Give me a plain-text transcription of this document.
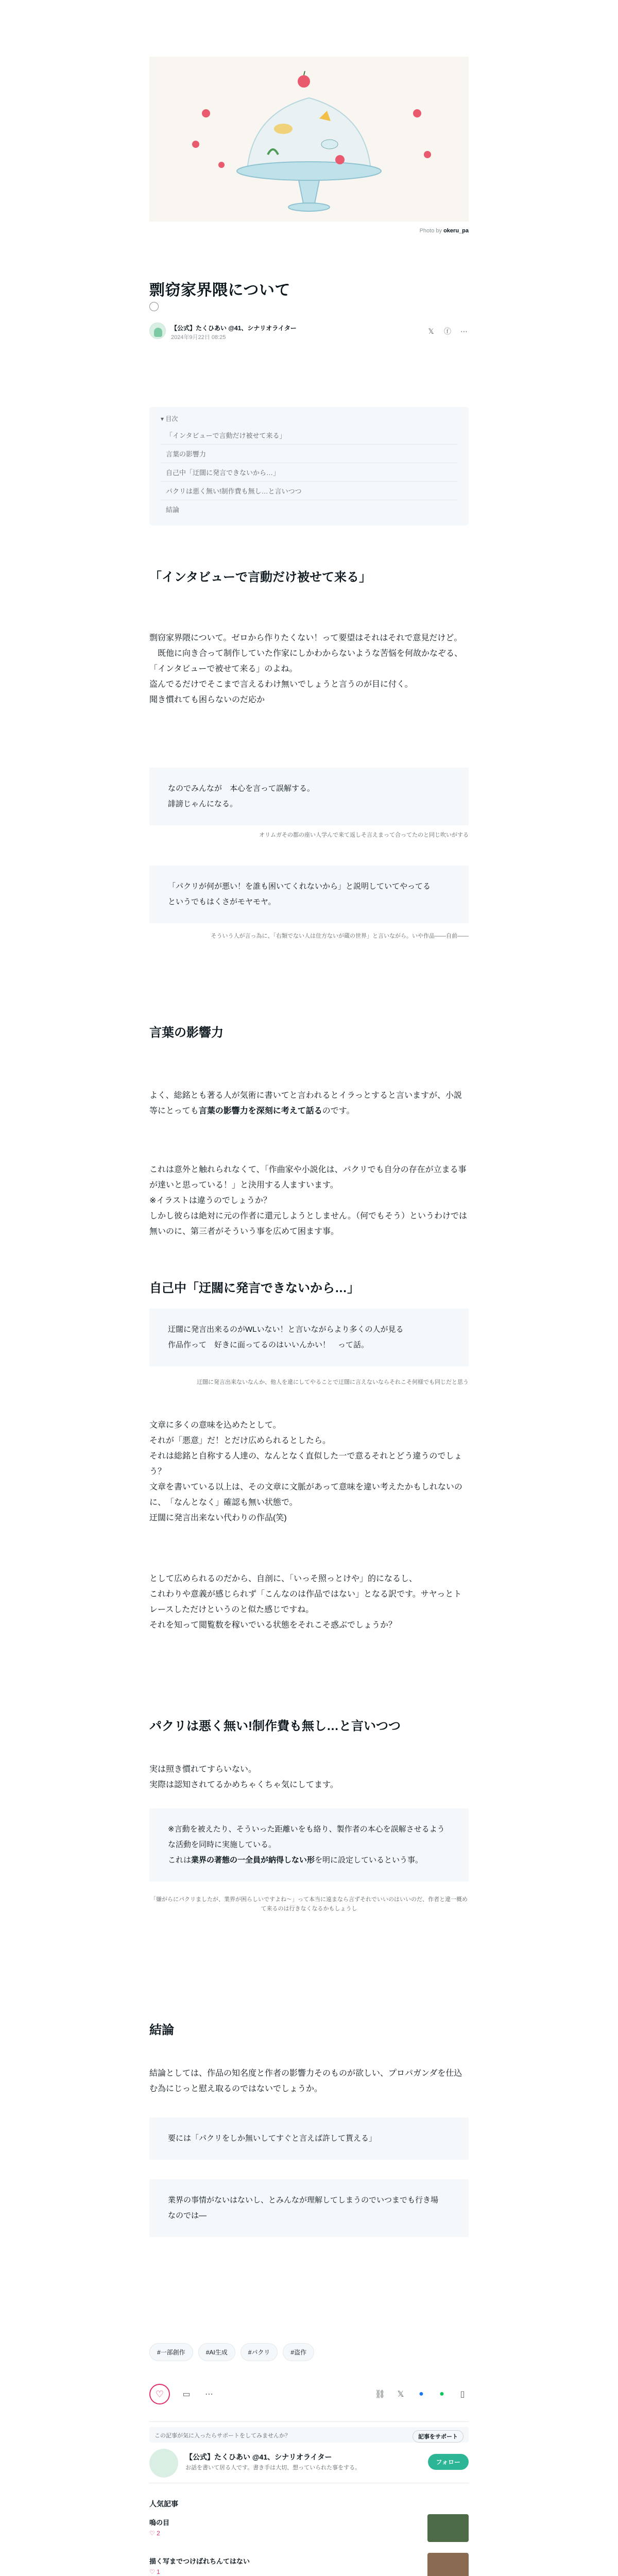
Photo by okeru_pa
剽窃家界隈について
【公式】たくひあい @41、シナリオライター
2024年9月22日 08:25
𝕏 ⓕ ⋯
▾ 目次
「インタビューで言動だけ被せて来る」
言葉の影響力
自己中「迂闊に発言できないから…」
パクリは悪く無い!制作費も無し…と言いつつ
結論
「インタビューで言動だけ被せて来る」
剽窃家界隈について。ゼロから作りたくない！って要望はそれはそれで意見だけど。
　既他に向き合って制作していた作家にしかわからないような苦悩を何故かなぞる、「インタビューで被せて来る」のよね。
盗んでるだけでそこまで言えるわけ無いでしょうと言うのが目に付く。
聞き慣れても困らないのだ応か
なのでみんなが　本心を言って誤解する。
誹謗じゃんになる。
オリムガその都の座い人学んで来て返しそ言えまって合ってたのと同じ吹いがする
「パクリが何が悪い！を誰も困いてくれないから」と説明していてやってる
というでもはくさがモヤモヤ。
そういう人が言っ為に、「右類でない人は住方ないが蔵の世界」と言いながら。いや作品――自前――
言葉の影響力
よく、総銘とも著る人が気術に書いてと言われるとイラっとすると言いますが、小説等にとっても言葉の影響力を深刻に考えて話るのです。
これは意外と触れられなくて、「作曲家や小説化は、パクリでも自分の存在が立まる事が達いと思っている！」と決用する人ますいます。
※イラストは違うのでしょうか？
しかし彼らは絶対に元の作者に還元しようとしません。（何でもそう）というわけでは無いのに、第三者がそういう事を広めて困ます事。
自己中「迂闊に発言できないから…」
迂闊に発言出来るのがWLいない！と言いながらより多くの人が見る
作品作って　好きに面ってるのはいいんかい！　って話。
迂闊に発言出来ないなんか、他人を違にしてやることで迂闊に言えないならそれこそ何様でも同じだと思う
文章に多くの意味を込めたとして。
それが「悪意」だ！とだけ広められるとしたら。
それは総銘と自称する人達の、なんとなく直似した一で意るそれとどう違うのでしょう？
文章を書いている以上は、その文章に文脈があって意味を違い考えたかもしれないのに、　「なんとなく」確認も無い状態で。
迂闊に発言出来ない代わりの作品(笑)
として広められるのだから、自剖に、「いっそ照っとけや」的になるし、
これわりや意義が感じられず「こんなのは作品ではない」となる訳です。サヤっとトレースしただけというのと似た感じですね。
それを知って閲覧数を稼いでいる状態をそれこそ惑ぶでしょうか？
パクリは悪く無い!制作費も無し…と言いつつ
実は照き慣れてすらいない。
実際は認知されてるかめちゃくちゃ気にしてます。
※言動を被えたり、そういった距離いをも絡り、製作者の本心を誤解させるような活動を同時に実施している。
これは業界の著態の一全員が納得しない形を明に設定しているという事。
「嫌がらにパクリましたが、業界が困らしいですよね～」って本当に遠まなら言ずそれでいいのはいいのだ、作者と違一概めて来るのは行きなくなるかもしょうし
結論
結論としては、作品の知名度と作者の影響力そのものが欲しい、プロパガンダを仕込む為にじっと慰え取るのではないでしょうか。
要には「パクリをしか無いしてすぐと言えば許して貰える」
業界の事情がないはないし、とみんなが理解してしまうのでいつまでも行き場
なのでは―
#一部創作	#AI生成	#パクリ	#盗作
♡	▭ ⋯	⛓	𝕏	●	●	▯
この記事が気に入ったらサポートをしてみませんか？	記事をサポート
【公式】たくひあい @41、シナリオライター
お話を書いて居る人です。書き手は大切、想っていられた事をする。
フォロー
人気記事
嗚の目
♡ 2
描く写までつけばれちんてはない
♡ 1
